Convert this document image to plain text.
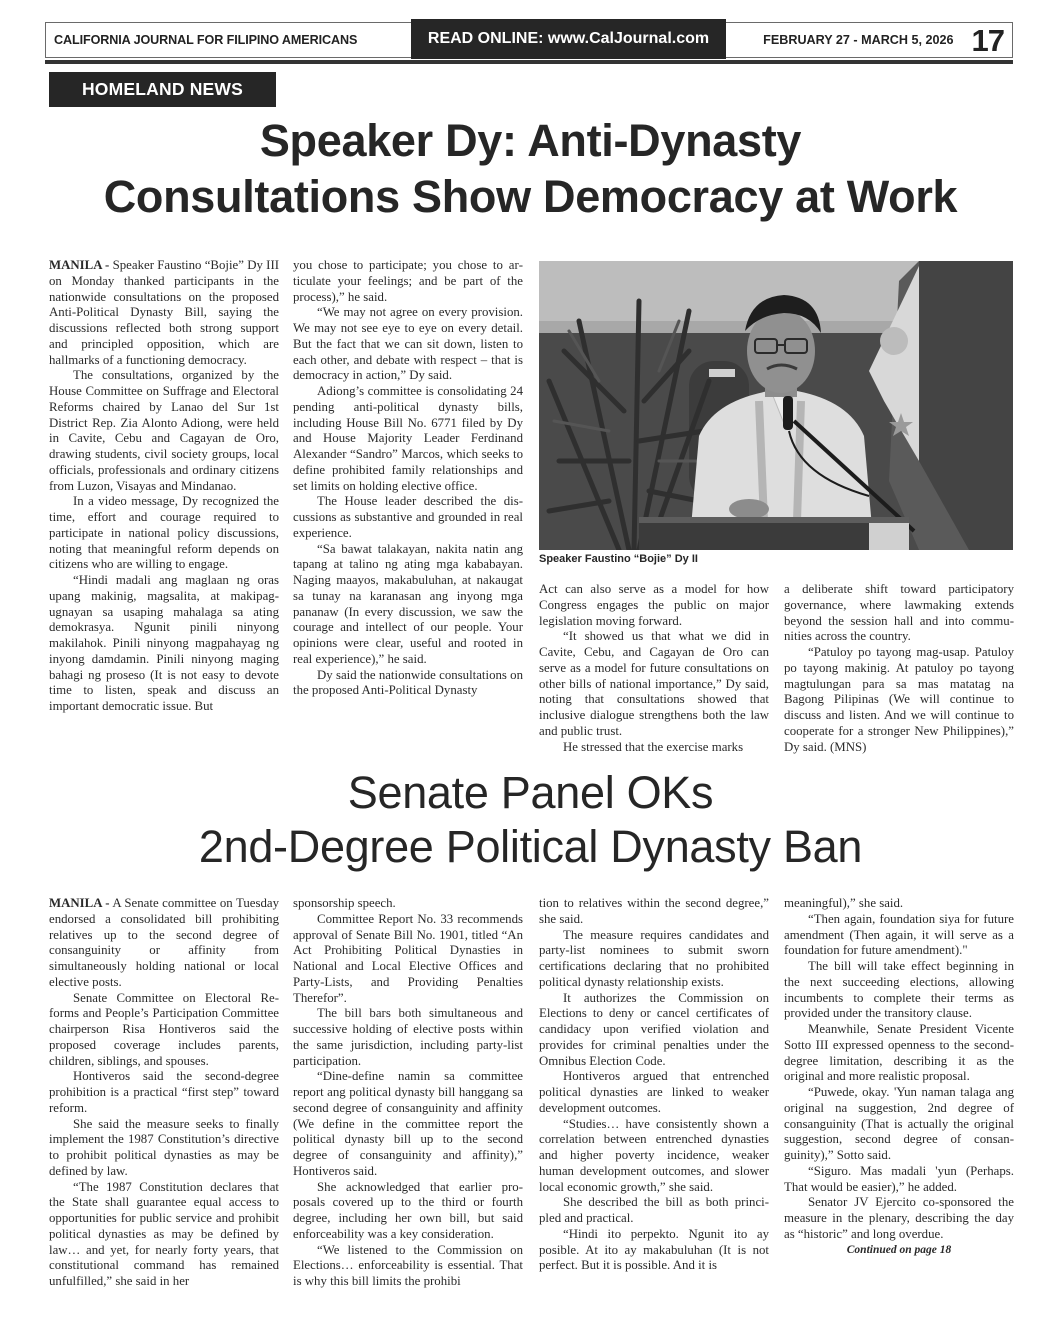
CALIFORNIA JOURNAL FOR FILIPINO AMERICANS	READ ONLINE: www.CalJournal.com	FEBRUARY 27 - MARCH 5, 2026 17
HOMELAND NEWS
Speaker Dy: Anti-Dynasty
Consultations Show Democracy at Work

MANILA - Speaker Faustino “Bojie” Dy III on Monday thanked participants in the nationwide consultations on the proposed Anti-Political Dynasty Bill, saying the discussions reflected both strong support and principled opposition, which are hallmarks of a functioning democracy.

The consultations, organized by the House Committee on Suffrage and Electoral Reforms chaired by Lanao del Sur 1st District Rep. Zia Alonto Adiong, were held in Cavite, Cebu and Cagayan de Oro, drawing students, civil society groups, local officials, professionals and ordinary citizens from Luzon, Visayas and Mindanao.

In a video message, Dy recognized the time, effort and courage required to participate in national policy discussions, noting that meaningful reform depends on citizens who are willing to engage.

“Hindi madali ang maglaan ng oras upang makinig, magsalita, at makipag-ugnayan sa usaping mahalaga sa ating demokrasya. Ngunit pinili ninyong makilahok. Pinili ninyong magpahayag ng inyong damdamin. Pinili ninyong maging bahagi ng proseso (It is not easy to devote time to listen, speak and discuss an important democratic issue. But

you chose to participate; you chose to articulate your feelings; and be part of the process),” he said.

“We may not agree on every provision. We may not see eye to eye on every detail. But the fact that we can sit down, listen to each other, and debate with respect – that is democracy in action,” Dy said.

Adiong’s committee is consolidating 24 pending anti-political dynasty bills, including House Bill No. 6771 filed by Dy and House Majority Leader Ferdinand Alexander “Sandro” Marcos, which seeks to define prohibited family relationships and set limits on holding elective office.

The House leader described the discussions as substantive and grounded in real experience.

“Sa bawat talakayan, nakita natin ang tapang at talino ng ating mga kababayan. Naging maayos, makabuluhan, at nakaugat sa tunay na karanasan ang inyong mga pananaw (In every discussion, we saw the courage and intellect of our people. Your opinions were clear, useful and rooted in real experience),” he said.

Dy said the nationwide consultations on the proposed Anti-Political Dynasty

Speaker Faustino “Bojie” Dy II

Act can also serve as a model for how Congress engages the public on major legislation moving forward.

“It showed us that what we did in Cavite, Cebu, and Cagayan de Oro can serve as a model for future consultations on other bills of national importance,” Dy said, noting that consultations showed that inclusive dialogue strengthens both the law and public trust.

He stressed that the exercise marks

a deliberate shift toward participatory governance, where lawmaking extends beyond the session hall and into communities across the country.

“Patuloy po tayong mag-usap. Patuloy po tayong makinig. At patuloy po tayong magtulungan para sa mas matatag na Bagong Pilipinas (We will continue to discuss and listen. And we will continue to cooperate for a stronger New Philippines),” Dy said. (MNS)

Senate Panel OKs
2nd-Degree Political Dynasty Ban

MANILA - A Senate committee on Tuesday endorsed a consolidated bill prohibiting relatives up to the second degree of consanguinity or affinity from simultaneously holding national or local elective posts.

Senate Committee on Electoral Reforms and People’s Participation Committee chairperson Risa Hontiveros said the proposed coverage includes parents, children, siblings, and spouses.

Hontiveros said the second-degree prohibition is a practical “first step” toward reform.

She said the measure seeks to finally implement the 1987 Constitution’s directive to prohibit political dynasties as may be defined by law.

“The 1987 Constitution declares that the State shall guarantee equal access to opportunities for public service and prohibit political dynasties as may be defined by law… and yet, for nearly forty years, that constitutional command has remained unfulfilled,” she said in her

sponsorship speech.

Committee Report No. 33 recommends approval of Senate Bill No. 1901, titled “An Act Prohibiting Political Dynasties in National and Local Elective Offices and Party-Lists, and Providing Penalties Therefor”.

The bill bars both simultaneous and successive holding of elective posts within the same jurisdiction, including party-list participation.

“Dine-define namin sa committee report ang political dynasty bill hanggang sa second degree of consanguinity and affinity (We define in the committee report the political dynasty bill up to the second degree of consanguinity and affinity),” Hontiveros said.

She acknowledged that earlier proposals covered up to the third or fourth degree, including her own bill, but said enforceability was a key consideration.

“We listened to the Commission on Elections… enforceability is essential. That is why this bill limits the prohibi

tion to relatives within the second degree,” she said.

The measure requires candidates and party-list nominees to submit sworn certifications declaring that no prohibited political dynasty relationship exists.

It authorizes the Commission on Elections to deny or cancel certificates of candidacy upon verified violation and provides for criminal penalties under the Omnibus Election Code.

Hontiveros argued that entrenched political dynasties are linked to weaker development outcomes.

“Studies… have consistently shown a correlation between entrenched dynasties and higher poverty incidence, weaker human development outcomes, and slower local economic growth,” she said.

She described the bill as both principled and practical.

“Hindi ito perpekto. Ngunit ito ay posible. At ito ay makabuluhan (It is not perfect. But it is possible. And it is

meaningful),” she said.

“Then again, foundation siya for future amendment (Then again, it will serve as a foundation for future amendment)."

The bill will take effect beginning in the next succeeding elections, allowing incumbents to complete their terms as provided under the transitory clause.

Meanwhile, Senate President Vicente Sotto III expressed openness to the second-degree limitation, describing it as the original and more realistic proposal.

“Puwede, okay. 'Yun naman talaga ang original na suggestion, 2nd degree of consanguinity (That is actually the original suggestion, second degree of consanguinity),” Sotto said.

“Siguro. Mas madali 'yun (Perhaps. That would be easier),” he added.

Senator JV Ejercito co-sponsored the measure in the plenary, describing the day as “historic” and long overdue.

Continued on page 18
